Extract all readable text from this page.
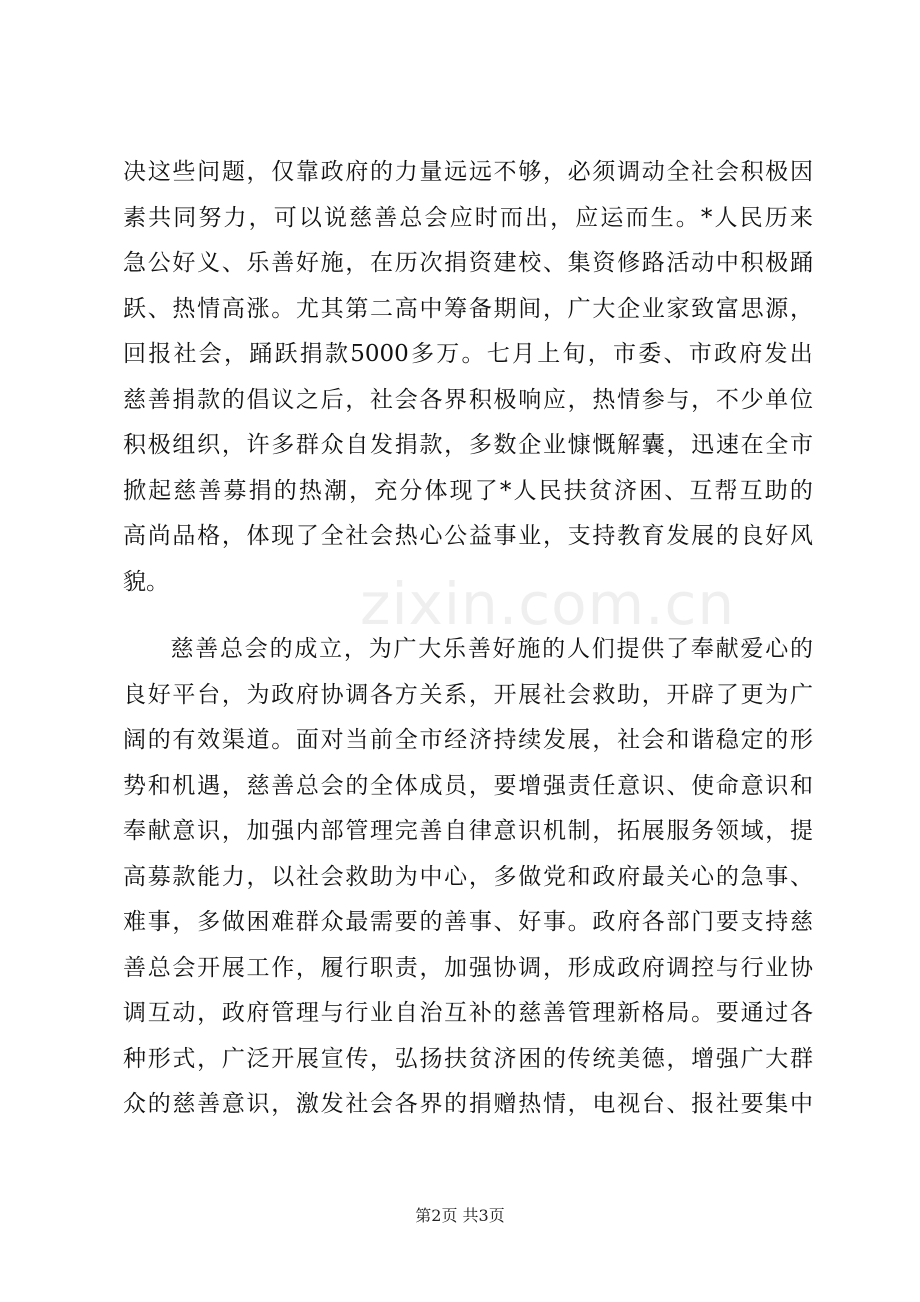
决 这 些 问 题 ， 仅 靠 政 府 的 力 量 远 远 不 够 ， 必 须 调 动 全 社 会 积 极 因
素 共 同 努 力 ， 可 以 说 慈 善 总 会 应 时 而 出 ， 应 运 而 生 。 * 人 民 历 来
急 公 好 义 、 乐 善 好 施 ， 在 历 次 捐 资 建 校 、 集 资 修 路 活 动 中 积 极 踊
跃 、 热 情 高 涨 。 尤 其 第 二 高 中 筹 备 期 间 ， 广 大 企 业 家 致 富 思 源 ，
回 报 社 会 ， 踊 跃 捐 款 5000 多 万 。 七 月 上 旬 ， 市 委 、 市 政 府 发 出
慈 善 捐 款 的 倡 议 之 后 ， 社 会 各 界 积 极 响 应 ， 热 情 参 与 ， 不 少 单 位
积 极 组 织 ， 许 多 群 众 自 发 捐 款 ， 多 数 企 业 慷 慨 解 囊 ， 迅 速 在 全 市
掀 起 慈 善 募 捐 的 热 潮 ， 充 分 体 现 了 * 人 民 扶 贫 济 困 、 互 帮 互 助 的
高 尚 品 格 ， 体 现 了 全 社 会 热 心 公 益 事 业 ， 支 持 教 育 发 展 的 良 好 风
貌 。

慈 善 总 会 的 成 立 ， 为 广 大 乐 善 好 施 的 人 们 提 供 了 奉 献 爱 心 的
良 好 平 台 ， 为 政 府 协 调 各 方 关 系 ， 开 展 社 会 救 助 ， 开 辟 了 更 为 广
阔 的 有 效 渠 道 。 面 对 当 前 全 市 经 济 持 续 发 展 ， 社 会 和 谐 稳 定 的 形
势 和 机 遇 ， 慈 善 总 会 的 全 体 成 员 ， 要 增 强 责 任 意 识 、 使 命 意 识 和
奉 献 意 识 ， 加 强 内 部 管 理 完 善 自 律 意 识 机 制 ， 拓 展 服 务 领 域 ， 提
高 募 款 能 力 ， 以 社 会 救 助 为 中 心 ， 多 做 党 和 政 府 最 关 心 的 急 事 、
难 事 ， 多 做 困 难 群 众 最 需 要 的 善 事 、 好 事 。 政 府 各 部 门 要 支 持 慈
善 总 会 开 展 工 作 ， 履 行 职 责 ， 加 强 协 调 ， 形 成 政 府 调 控 与 行 业 协
调 互 动 ， 政 府 管 理 与 行 业 自 治 互 补 的 慈 善 管 理 新 格 局 。 要 通 过 各
种 形 式 ， 广 泛 开 展 宣 传 ， 弘 扬 扶 贫 济 困 的 传 统 美 德 ， 增 强 广 大 群
众 的 慈 善 意 识 ， 激 发 社 会 各 界 的 捐 赠 热 情 ， 电 视 台 、 报 社 要 集 中
zixin.com.cn
第2页 共3页
